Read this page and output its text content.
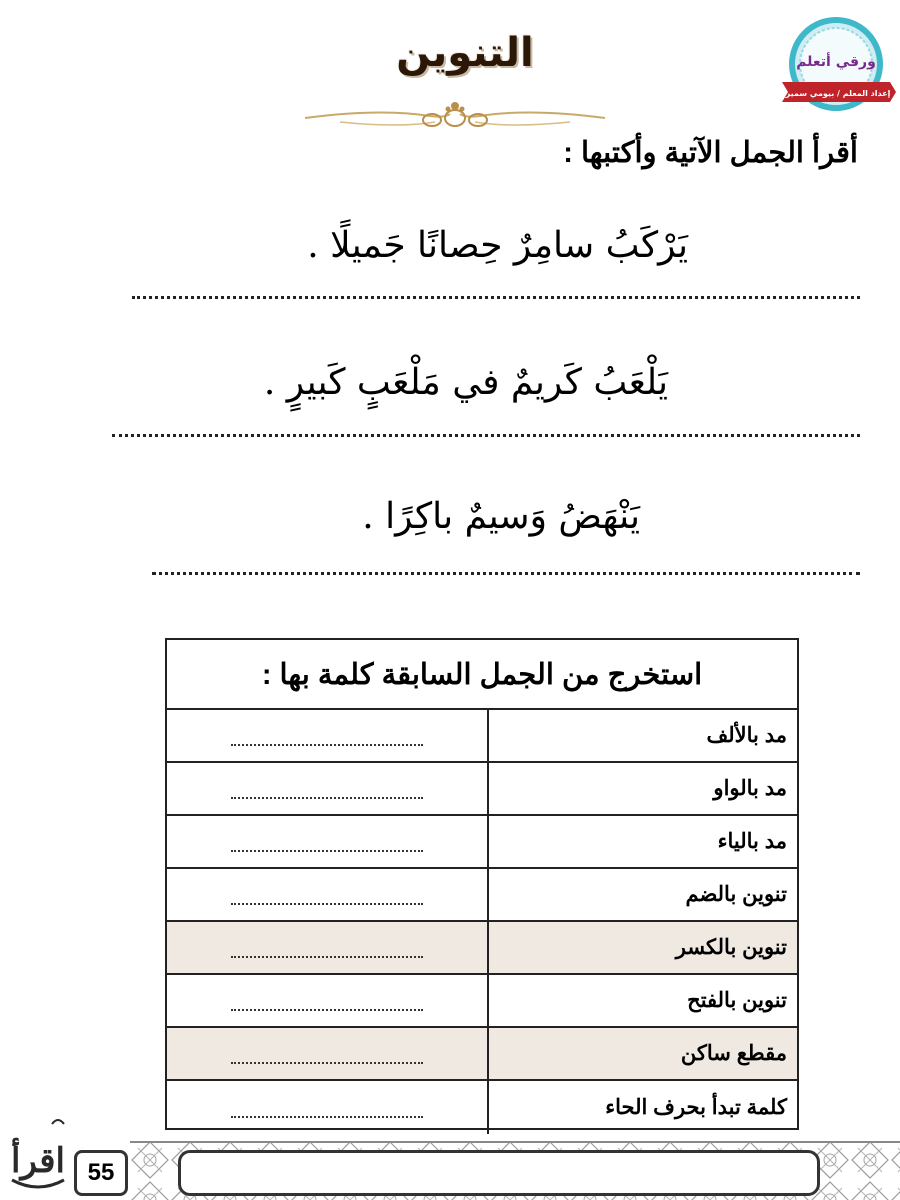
ورقي أتعلم
إعداد المعلم / بيومي سمير
التنوين
أقرأ الجمل الآتية وأكتبها :
يَرْكَبُ سامِرٌ حِصانًا جَميلًا .
يَلْعَبُ كَريمٌ في مَلْعَبٍ كَبيرٍ .
يَنْهَضُ وَسيمٌ باكِرًا .
استخرج من الجمل السابقة كلمة بها :
مد بالألف
مد بالواو
مد بالياء
تنوين بالضم
تنوين بالكسر
تنوين بالفتح
مقطع ساكن
كلمة تبدأ بحرف الحاء
55
اقرأ
